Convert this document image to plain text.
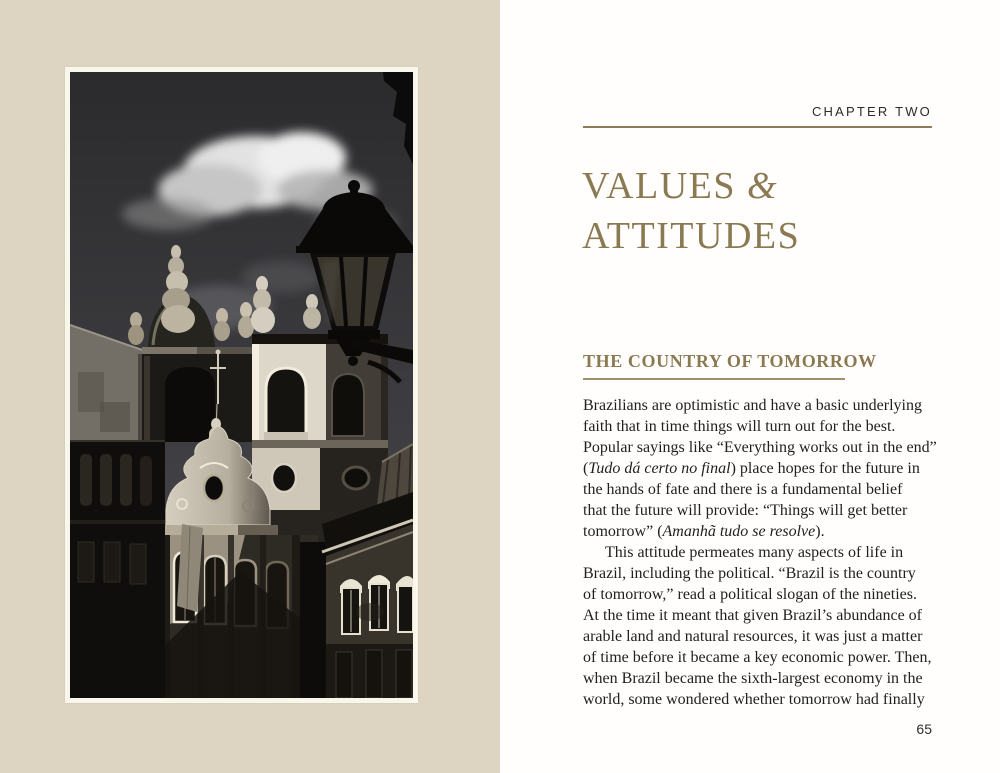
CHAPTER TWO
VALUES &
ATTITUDES
THE COUNTRY OF TOMORROW
Brazilians are optimistic and have a basic underlying
faith that in time things will turn out for the best.
Popular sayings like “Everything works out in the end”
(Tudo dá certo no final) place hopes for the future in
the hands of fate and there is a fundamental belief
that the future will provide: “Things will get better
tomorrow” (Amanhã tudo se resolve).
This attitude permeates many aspects of life in
Brazil, including the political. “Brazil is the country
of tomorrow,” read a political slogan of the nineties.
At the time it meant that given Brazil’s abundance of
arable land and natural resources, it was just a matter
of time before it became a key economic power. Then,
when Brazil became the sixth-largest economy in the
world, some wondered whether tomorrow had finally
65
